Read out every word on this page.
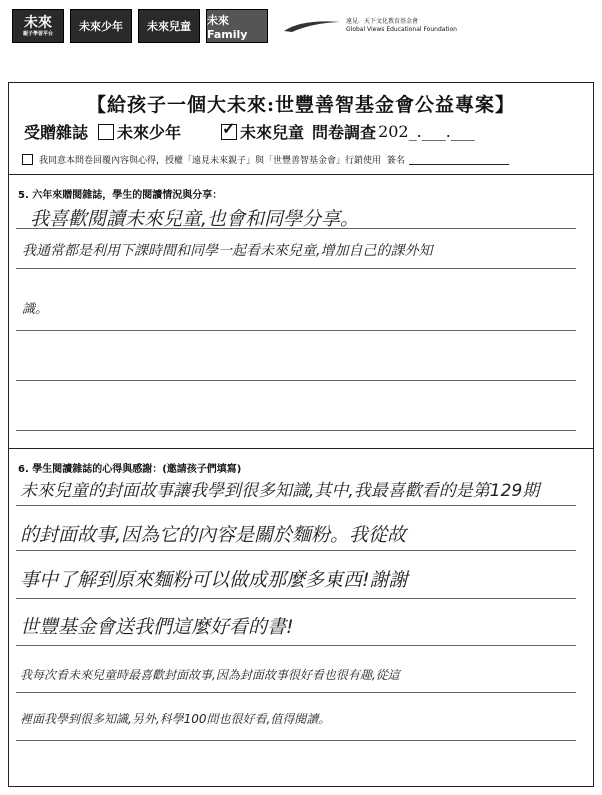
未來
親子學習平台
未來少年 未來兒童 未來Family
遠見．天下文化教育基金會
Global Views Educational Foundation
【給孩子一個大未來:世豐善智基金會公益專案】
受贈雜誌 未來少年
✓	未來兒童 問卷調查 202_.___.___
我同意本問卷回覆內容與心得，授權「遠見未來親子」與「世豐善智基金會」行銷使用 簽名
5. 六年來贈閱雜誌，學生的閱讀情況與分享：
我喜歡閱讀未來兒童,也會和同學分享。
我通常都是利用下課時間和同學一起看未來兒童,增加自己的課外知
識。
6. 學生閱讀雜誌的心得與感謝：(邀請孩子們填寫)
未來兒童的封面故事讓我學到很多知識,其中,我最喜歡看的是第129期
的封面故事,因為它的內容是關於麵粉。我從故
事中了解到原來麵粉可以做成那麼多東西!謝謝
世豐基金會送我們這麼好看的書!
我每次看未來兒童時最喜歡封面故事,因為封面故事很好看也很有趣,從這
裡面我學到很多知識,另外,科學100問也很好看,值得閱讀。
